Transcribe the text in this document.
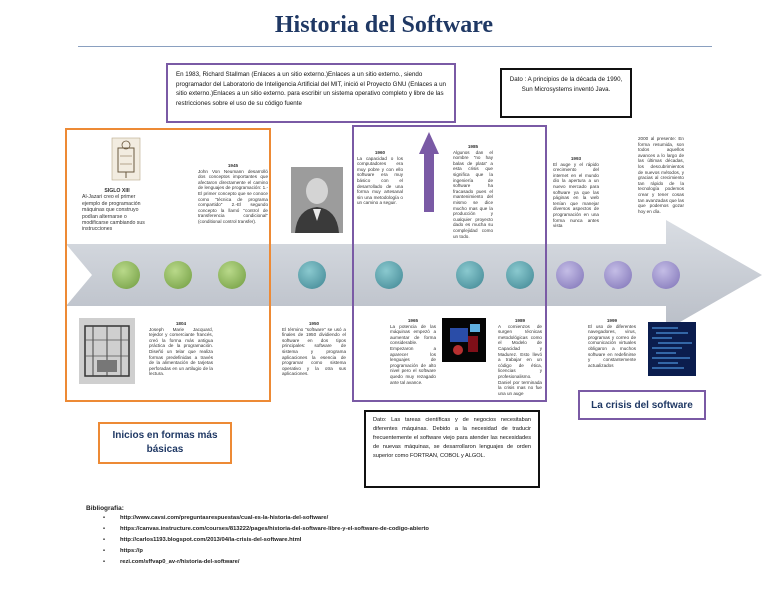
Historia del Software
En 1983, Richard Stallman (Enlaces a un sitio externo.)Enlaces a un sitio externo., siendo programador del Laboratorio de Inteligencia Artificial del MIT, inició el Proyecto GNU (Enlaces a un sitio externo.)Enlaces a un sitio externo. para escribir un sistema operativo completo y libre de las restricciones sobre el uso de su código fuente
Dato : A principios de la década de 1990, Sun Microsystems inventó Java.
SIGLO XIII
Al-Jazari creo el primer ejemplo de programación máquinas que construyo podían alternarse o modificarse cambiando sus instrucciones
1945
John Von Neumann desarrolló dos conceptos importantes que afectaron directamente el camino de lenguajes de programación: 1.-El primer concepto que se conoce como "técnica de programa compartido" 2.-El segundo concepto la llamó "control de transferencia condicional" (conditional control transfer).
1960
La capacidad o los computadores era muy pobre y con ello software era muy básico con el desarrollado de una forma muy artesanal sin una metodología o un camino a seguir.
1985
Algunos dan el nombre "no hay balas de plata" a esta crisis que significa que la ingeniería de software ha fracasado pues el mantenimiento del mismo se dice mucho mas que la producción y cualquier proyecto dado es mucha su complejidad como un todo.
1993
El auge y el rápido crecimiento del internet en el mundo dio la apertura a un nuevo mercado para software ya que las páginas en la web tenían que manejar diversos aspectos de programación en una forma nunca antes vista
2000 al presente: En forma resumida, son todos aquellos avances a lo largo de las últimas décadas, los descubrimientos de nuevos métodos, y gracias al crecimiento tan rápido de la tecnología podemos crear y tener cosas tan avanzadas que las que podemos gozar hoy en día.
1804
Joseph Marie Jacquard, tejedor y comerciante francés, creó la forma más antigua práctica de la programación. Diseñó un telar que realiza formas predefinidas a través de la alimentación de tarjetas perforadas en un artilugio de la lectura.
1950
El término "software" se usó a finales de 1950 dividiendo el software en dos tipos principales: software de sistema y programa aplicaciones la esencia de programar como sistema operativo y la otra sus aplicaciones.
1965
La potencia de las máquinas empezó a aumentar de forma considerable. Empezaron a aparecer los lenguajes de programación de alto nivel pero el software quedo muy rezagado ante tal avance.
1989
A comienzos de surgen técnicas metodológicas como el Modelo de Capacidad y Madurez. Esto llevó a trabajar en un código de ética, licencias y profesionalismo. Daniel por terminada la crisis mas no fue una un auge
1999
El uso de diferentes navegadores, virus, programas y correo de comunicación virtuales obligaron a muchos software en redefinirse y constantemente actualizados
Inicios en formas más básicas
La crisis del software
Dato: Las tareas científicas y de negocios necesitaban diferentes máquinas. Debido a la necesidad de traducir frecuentemente el software viejo para atender las necesidades de nuevas máquinas, se desarrollaron lenguajes de orden superior como FORTRAN, COBOL y ALGOL.
Bibliografia:
• http://www.cavsi.com/preguntasrespuestas/cual-es-la-historia-del-software/
• https://canvas.instructure.com/courses/813222/pages/historia-del-software-libre-y-el-software-de-codigo-abierto
• http://carlos1193.blogspot.com/2013/04/la-crisis-del-software.html
• https://p
• rezi.com/sffvap0_av-r/historia-del-software/
